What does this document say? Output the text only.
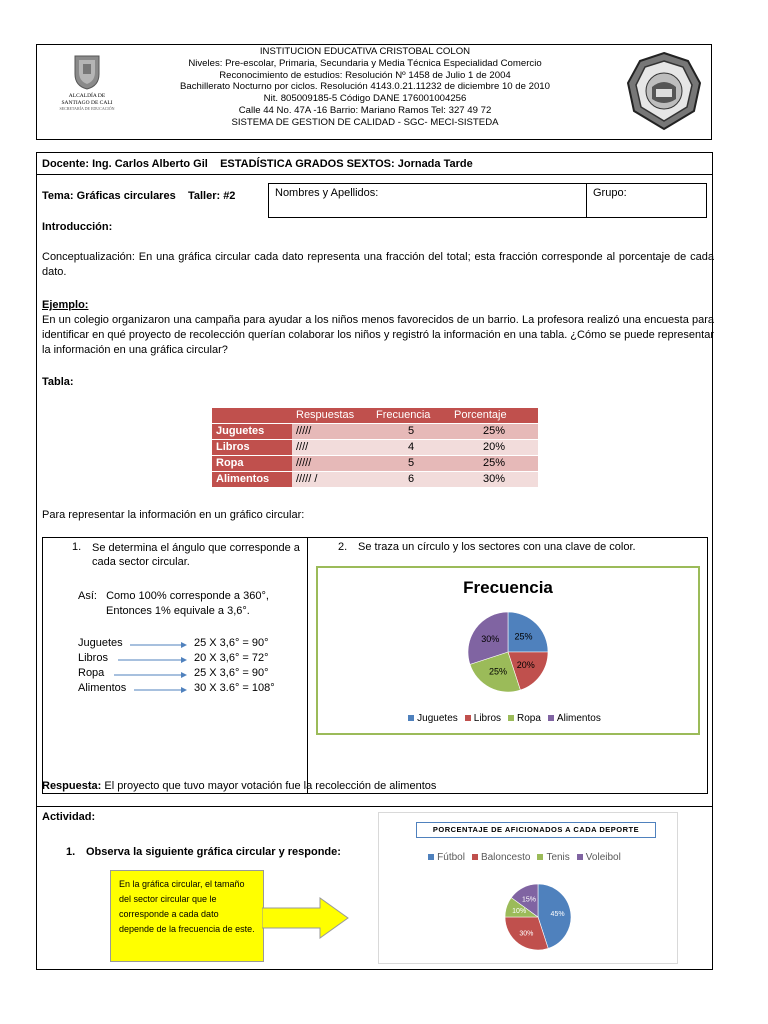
ALCALDÍA DE
SANTIAGO DE CALI
SECRETARÍA DE EDUCACIÓN
INSTITUCION EDUCATIVA CRISTOBAL COLON
Niveles: Pre-escolar, Primaria, Secundaria y Media Técnica Especialidad Comercio
Reconocimiento de estudios: Resolución Nº 1458 de Julio 1 de 2004
Bachillerato Nocturno por ciclos. Resolución 4143.0.21.11232 de diciembre 10 de 2010
Nit. 805009185-5 Código DANE 176001004256
Calle 44 No. 47A -16 Barrio: Mariano Ramos Tel: 327 49 72
SISTEMA DE GESTION DE CALIDAD - SGC- MECI-SISTEDA
Docente: Ing. Carlos Alberto Gil ESTADÍSTICA GRADOS SEXTOS: Jornada Tarde
Tema: Gráficas circulares Taller: #2	Nombres y Apellidos:	Grupo:
Introducción:
Conceptualización: En una gráfica circular cada dato representa una fracción del total; esta fracción corresponde al porcentaje de cada dato.
Ejemplo:
En un colegio organizaron una campaña para ayudar a los niños menos favorecidos de un barrio. La profesora realizó una encuesta para identificar en qué proyecto de recolección querían colaborar los niños y registró la información en una tabla. ¿Cómo se puede representar la información en una gráfica circular?
Tabla:
	Respuestas	Frecuencia	Porcentaje
Juguetes	/////	5	25%
Libros	////	4	20%
Ropa	/////	5	25%
Alimentos	///// /	6	30%
Para representar la información en un gráfico circular:
1. Se determina el ángulo que corresponde a cada sector circular.
Así:   Como 100% corresponde a 360°,
Entonces 1% equivale a 3,6°.
Juguetes	25 X 3,6° = 90°
Libros	20 X 3,6° = 72°
Ropa	25 X 3,6° = 90°
Alimentos	30 X 3.6° = 108°
2. Se traza un círculo y los sectores con una clave de color.
Frecuencia
25%
20%
25%
30%
Juguetes Libros Ropa Alimentos
Respuesta: El proyecto que tuvo mayor votación fue la recolección de alimentos
Actividad:
1. Observa la siguiente gráfica circular y responde:
En la gráfica circular, el tamaño del sector circular que le corresponde a cada dato depende de la frecuencia de este.
PORCENTAJE DE AFICIONADOS A CADA DEPORTE
Fútbol Baloncesto Tenis Voleibol
45%
30%
10%
15%
